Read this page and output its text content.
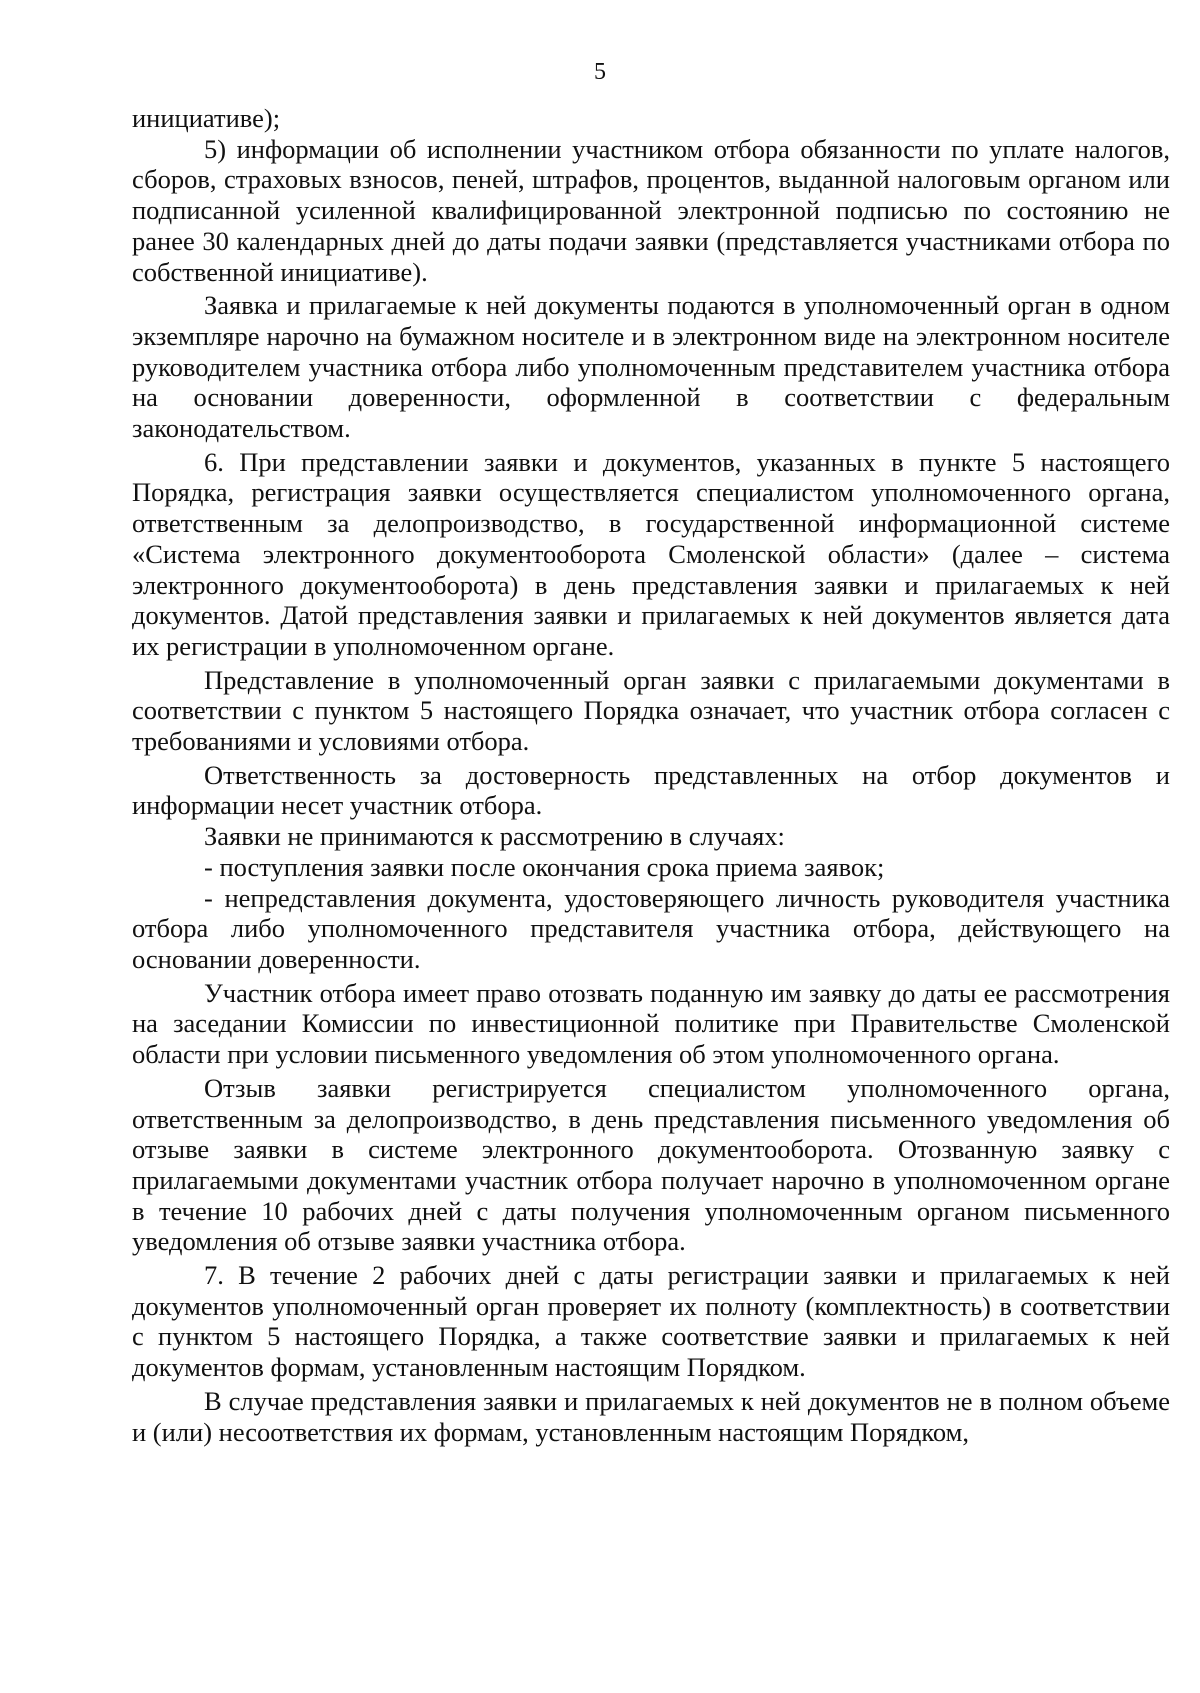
5

инициативе);

5) информации об исполнении участником отбора обязанности по уплате налогов, сборов, страховых взносов, пеней, штрафов, процентов, выданной налоговым органом или подписанной усиленной квалифицированной электронной подписью по состоянию не ранее 30 календарных дней до даты подачи заявки (представляется участниками отбора по собственной инициативе).

Заявка и прилагаемые к ней документы подаются в уполномоченный орган в одном экземпляре нарочно на бумажном носителе и в электронном виде на электронном носителе руководителем участника отбора либо уполномоченным представителем участника отбора на основании доверенности, оформленной в соответствии с федеральным законодательством.

6. При представлении заявки и документов, указанных в пункте 5 настоящего Порядка, регистрация заявки осуществляется специалистом уполномоченного органа, ответственным за делопроизводство, в государственной информационной системе «Система электронного документооборота Смоленской области» (далее – система электронного документооборота) в день представления заявки и прилагаемых к ней документов. Датой представления заявки и прилагаемых к ней документов является дата их регистрации в уполномоченном органе.

Представление в уполномоченный орган заявки с прилагаемыми документами в соответствии с пунктом 5 настоящего Порядка означает, что участник отбора согласен с требованиями и условиями отбора.

Ответственность за достоверность представленных на отбор документов и информации несет участник отбора.

Заявки не принимаются к рассмотрению в случаях:

- поступления заявки после окончания срока приема заявок;

- непредставления документа, удостоверяющего личность руководителя участника отбора либо уполномоченного представителя участника отбора, действующего на основании доверенности.

Участник отбора имеет право отозвать поданную им заявку до даты ее рассмотрения на заседании Комиссии по инвестиционной политике при Правительстве Смоленской области при условии письменного уведомления об этом уполномоченного органа.

Отзыв заявки регистрируется специалистом уполномоченного органа, ответственным за делопроизводство, в день представления письменного уведомления об отзыве заявки в системе электронного документооборота. Отозванную заявку с прилагаемыми документами участник отбора получает нарочно в уполномоченном органе в течение 10 рабочих дней с даты получения уполномоченным органом письменного уведомления об отзыве заявки участника отбора.

7. В течение 2 рабочих дней с даты регистрации заявки и прилагаемых к ней документов уполномоченный орган проверяет их полноту (комплектность) в соответствии с пунктом 5 настоящего Порядка, а также соответствие заявки и прилагаемых к ней документов формам, установленным настоящим Порядком.

В случае представления заявки и прилагаемых к ней документов не в полном объеме и (или) несоответствия их формам, установленным настоящим Порядком,
